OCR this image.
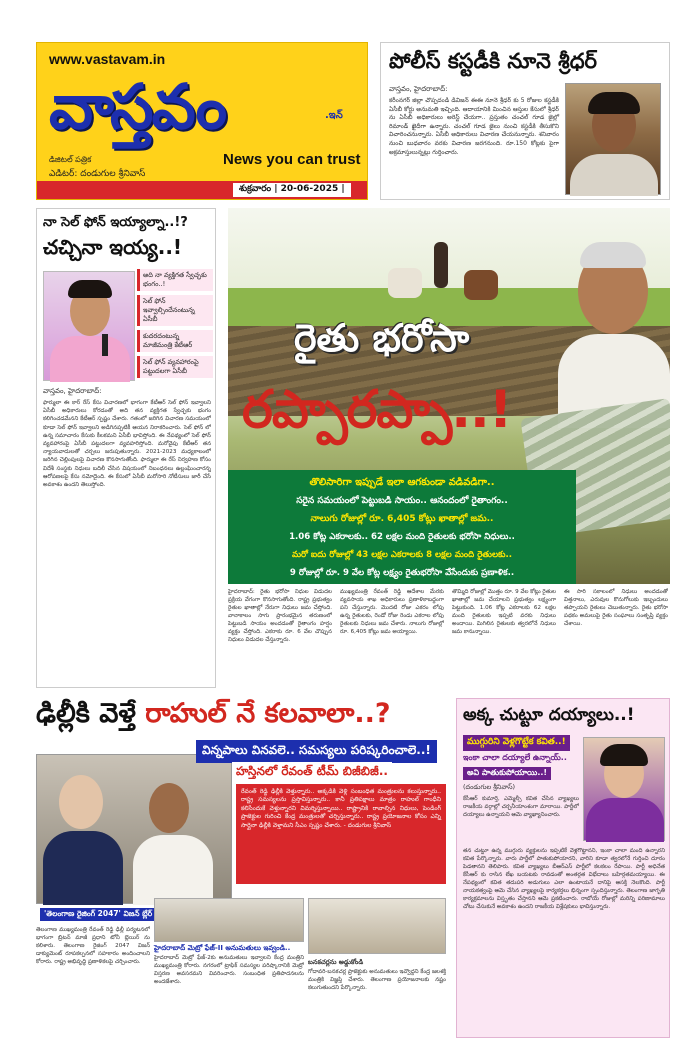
www.vastavam.in
వాస్తవం	.ఇన్
డిజిటల్ పత్రిక
ఎడిటర్: దండుగుల శ్రీనివాస్
News you can trust
శుక్రవారం | 20-06-2025 |
పోలీస్ కస్టడీకి నూనె శ్రీధర్
వాస్తవం, హైదరాబాద్:
కరీంనగర్ జిల్లా చొప్పదండి డివిజన్ ఈఈ నూనె శ్రీధర్ కు 5 రోజుల కస్టడీకి ఏసీబీ కోర్టు అనుమతి ఇచ్చింది. ఆదాయానికి మించిన ఆస్తుల కేసులో శ్రీధర్ ను ఏసీబీ అధికారులు అరెస్ట్ చేయగా.. ప్రస్తుతం చంచల్ గూడ జైల్లో రిమాండ్ ఖైదీగా ఉన్నారు. చంచల్ గూడ జైలు నుంచి కస్టడీకి తీసుకొని విచారించనున్నారు. ఏసీబీ అధికారులు విచారణ చేయనున్నారు. శనివారం నుంచి బుధవారం వరకు విచారణ జరగనుంది. రూ.150 కోట్లకు పైగా అక్రమాస్తులున్నట్లు గుర్తించారు.
నా సెల్ ఫోన్ ఇయ్యాల్నా..!?
చచ్చినా ఇయ్య..!
అది నా వ్యక్తిగత స్వేచ్ఛకు భంగం..!
సెల్ ఫోన్ ఇవ్వాల్సిందేనంటున్న ఏసీబీ
కుదరదంటున్న మాజీమంత్రి కేటీఆర్
సెల్ ఫోన్ వ్యవహారంపై పట్టుదలగా ఏసీబీ
వాస్తవం, హైదరాబాద్:
ఫార్ములా ఈ కార్ రేస్ కేసు విచారణలో భాగంగా కేటీఆర్ సెల్ ఫోన్ ఇవ్వాలని ఏసీబీ అధికారులు కోరడంతో అది తన వ్యక్తిగత స్వేచ్ఛకు భంగం కలిగించడమేనని కేటీఆర్ స్పష్టం చేశారు. గతంలో జరిగిన విచారణ సమయంలో కూడా సెల్ ఫోన్ ఇవ్వాలని అడిగినప్పటికీ ఆయన నిరాకరించారు. సెల్ ఫోన్ లో ఉన్న సమాచారం కేసుకు కీలకమని ఏసీబీ భావిస్తోంది. ఈ నేపథ్యంలో సెల్ ఫోన్ వ్యవహారంపై ఏసీబీ పట్టుదలగా వ్యవహరిస్తోంది. మరోవైపు కేటీఆర్ తన న్యాయవాదులతో చర్చలు జరుపుతున్నారు. 2021-2023 మధ్యకాలంలో జరిగిన చెల్లింపులపై విచారణ కొనసాగుతోంది. ఫార్ములా ఈ రేస్ నిర్వహణ కోసం విదేశీ సంస్థకు నిధులు బదిలీ చేసిన విషయంలో నిబంధనలు ఉల్లంఘించారన్న ఆరోపణలపై కేసు నమోదైంది. ఈ కేసులో ఏసీబీ మరోసారి నోటీసులు జారీ చేసే అవకాశం ఉందని తెలుస్తోంది.
రైతు భరోసా
రప్పారప్పా..!
తొలిసారిగా ఇప్పుడే ఇలా ఆగకుండా వడివడిగా..
సరైన సమయంలో పెట్టుబడి సాయం.. ఆనందంలో రైతాంగం..
నాలుగు రోజుల్లో రూ. 6,405 కోట్లు ఖాతాల్లో జమ..
1.06 కోట్ల ఎకరాలకు.. 62 లక్షల మంది రైతులకు భరోసా నిధులు..
మరో ఐదు రోజుల్లో 43 లక్షల ఎకరాలకు 8 లక్షల మంది రైతులకు..
9 రోజుల్లో రూ. 9 వేల కోట్ల లక్ష్యం రైతుభరోసా వేసేందుకు ప్రణాళిక..
హైదరాబాద్: రైతు భరోసా నిధుల విడుదల ప్రక్రియ వేగంగా కొనసాగుతోంది. రాష్ట్ర ప్రభుత్వం రైతుల ఖాతాల్లో నేరుగా నిధులు జమ చేస్తోంది. వానాకాలం సాగు ప్రారంభమైన తరుణంలో పెట్టుబడి సాయం అందడంతో రైతాంగం హర్షం వ్యక్తం చేస్తోంది. ఎకరాకు రూ. 6 వేల చొప్పున నిధులు విడుదల చేస్తున్నారు.
ముఖ్యమంత్రి రేవంత్ రెడ్డి ఆదేశాల మేరకు వ్యవసాయ శాఖ అధికారులు ప్రణాళికాబద్ధంగా పని చేస్తున్నారు. మొదటి రోజు ఎకరం లోపు ఉన్న రైతులకు, రెండో రోజు రెండు ఎకరాల లోపు రైతులకు నిధులు జమ చేశారు. నాలుగు రోజుల్లో రూ. 6,405 కోట్లు జమ అయ్యాయి.
తొమ్మిది రోజుల్లో మొత్తం రూ. 9 వేల కోట్లు రైతుల ఖాతాల్లో జమ చేయాలని ప్రభుత్వం లక్ష్యంగా పెట్టుకుంది. 1.06 కోట్ల ఎకరాలకు 62 లక్షల మంది రైతులకు ఇప్పటి వరకు నిధులు అందాయి. మిగిలిన రైతులకు త్వరలోనే నిధులు జమ కానున్నాయి.
ఈ సారి సకాలంలో నిధులు అందడంతో విత్తనాలు, ఎరువుల కొనుగోలుకు ఇబ్బందులు తప్పాయని రైతులు చెబుతున్నారు. రైతు భరోసా పథకం అమలుపై రైతు సంఘాలు సంతృప్తి వ్యక్తం చేశాయి.
ఢిల్లీకి వెళ్తే రాహుల్ నే కలవాలా..?
విన్నపాలు వినవలె.. సమస్యలు పరిష్కరించాలె..!
హస్తినలో రేవంత్ టీమ్ బిజీబిజీ..
రేవంత్ రెడ్డి ఢిల్లీకి వెళ్తున్నారు.. అక్కడికి వెళ్లి సంబంధిత మంత్రులను కలుస్తున్నారు.. రాష్ట్ర సమస్యలను ప్రస్తావిస్తున్నారు.. కానీ ప్రతిపక్షాలు మాత్రం రాహుల్ గాంధీని కలిసేందుకే వెళ్తున్నారని విమర్శిస్తున్నాయి.. రాష్ట్రానికి రావాల్సిన నిధులు, పెండింగ్ ప్రాజెక్టుల గురించి కేంద్ర మంత్రులతో చర్చిస్తున్నారు.. రాష్ట్ర ప్రయోజనాల కోసం ఎన్ని సార్లైనా ఢిల్లీకి వెళ్తామని సీఎం స్పష్టం చేశారు. - దండుగుల శ్రీనివాస్
'తెలంగాణ రైజింగ్ 2047' విజన్ బ్లేర్
తెలంగాణ ముఖ్యమంత్రి రేవంత్ రెడ్డి ఢిల్లీ పర్యటనలో భాగంగా బ్రిటన్ మాజీ ప్రధాని టోనీ బ్లెయిర్ ను కలిశారు. తెలంగాణ రైజింగ్ 2047 విజన్ డాక్యుమెంట్ రూపకల్పనలో సహకారం అందించాలని కోరారు. రాష్ట్ర అభివృద్ధి ప్రణాళికలపై చర్చించారు.
హైదరాబాద్ మెట్రో ఫేజ్-II అనుమతులు ఇవ్వండి..
హైదరాబాద్ మెట్రో ఫేజ్-2కు అనుమతులు ఇవ్వాలని కేంద్ర మంత్రిని ముఖ్యమంత్రి కోరారు. నగరంలో ట్రాఫిక్ సమస్యల పరిష్కారానికి మెట్రో విస్తరణ అవసరమని వివరించారు. సంబంధిత ప్రతిపాదనలను అందజేశారు.
బనకచర్లను అడ్డుకోండి
గోదావరి-బనకచర్ల ప్రాజెక్టుకు అనుమతులు ఇవ్వొద్దని కేంద్ర జలశక్తి మంత్రికి విజ్ఞప్తి చేశారు. తెలంగాణ ప్రయోజనాలకు నష్టం కలుగుతుందని పేర్కొన్నారు.
అక్క చుట్టూ దయ్యాలు..!
ముగ్గురిని వెళ్లగొట్టేక కవిత..!
ఇంకా చాలా దయ్యాలే ఉన్నాయ్..
అవి పాతుకుపోయాయి..!
(దండుగుల శ్రీనివాస్)
కేసీఆర్ కుమార్తె, ఎమ్మెల్సీ కవిత చేసిన వ్యాఖ్యలు రాజకీయ వర్గాల్లో చర్చనీయాంశంగా మారాయి. పార్టీలో దయ్యాలు ఉన్నాయని ఆమె వ్యాఖ్యానించారు.
తన చుట్టూ ఉన్న ముగ్గురు వ్యక్తులను ఇప్పటికే వెళ్లగొట్టానని, ఇంకా చాలా మంది ఉన్నారని కవిత పేర్కొన్నారు. వారు పార్టీలో పాతుకుపోయారని, వారిని కూడా త్వరలోనే గుర్తించి దూరం పెడతానని తెలిపారు. కవిత వ్యాఖ్యలు బీఆర్ఎస్ పార్టీలో కలకలం రేపాయి. పార్టీ అధినేత కేసీఆర్ కు రాసిన లేఖ బయటకు రావడంతో అంతర్గత విభేదాలు బహిర్గతమయ్యాయి. ఈ నేపథ్యంలో కవిత తదుపరి అడుగులు ఎలా ఉంటాయనే దానిపై ఆసక్తి నెలకొంది. పార్టీ నాయకత్వంపై ఆమె చేసిన వ్యాఖ్యలపై కార్యకర్తలు భిన్నంగా స్పందిస్తున్నారు. తెలంగాణ జాగృతి కార్యక్రమాలను విస్తృతం చేస్తానని ఆమె ప్రకటించారు. రాబోయే రోజుల్లో మరిన్ని పరిణామాలు చోటు చేసుకునే అవకాశం ఉందని రాజకీయ విశ్లేషకులు భావిస్తున్నారు.
